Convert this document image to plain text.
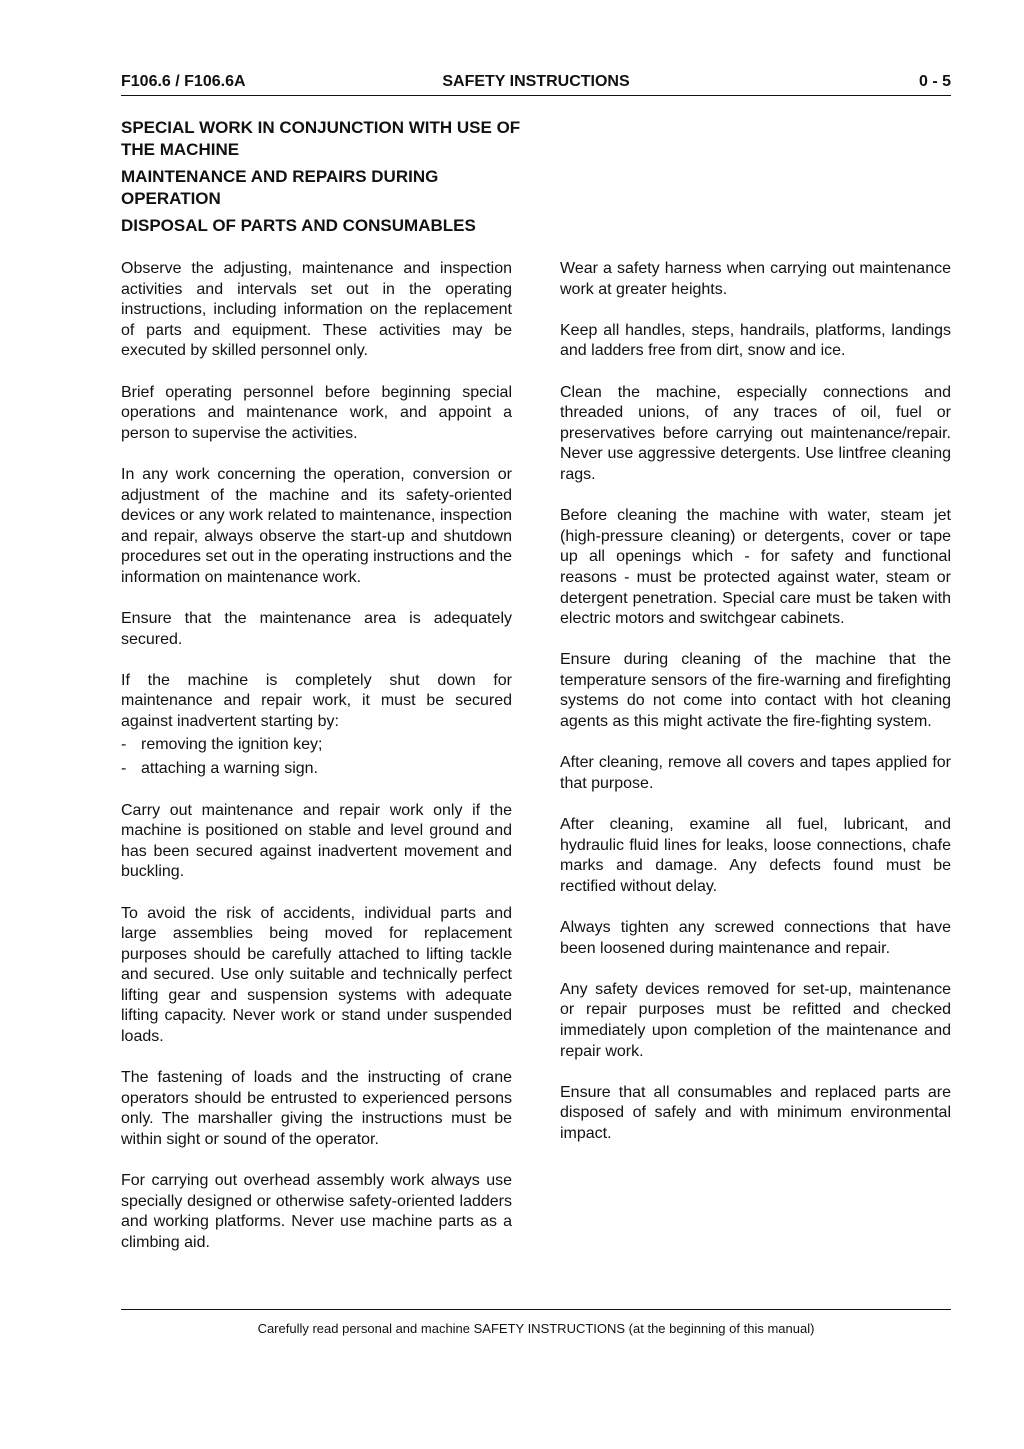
F106.6 / F106.6A	SAFETY INSTRUCTIONS	0 - 5
SPECIAL WORK IN CONJUNCTION WITH USE OF THE MACHINE
MAINTENANCE AND REPAIRS DURING OPERATION
DISPOSAL OF PARTS AND CONSUMABLES

Observe the adjusting, maintenance and inspection activities and intervals set out in the operating instructions, including information on the replacement of parts and equipment. These activities may be executed by skilled personnel only.

Brief operating personnel before beginning special operations and maintenance work, and appoint a person to supervise the activities.

In any work concerning the operation, conversion or adjustment of the machine and its safety-oriented devices or any work related to maintenance, inspection and repair, always observe the start-up and shutdown procedures set out in the operating instructions and the information on maintenance work.

Ensure that the maintenance area is adequately secured.

If the machine is completely shut down for maintenance and repair work, it must be secured against inadvertent starting by:

- removing the ignition key;
- attaching a warning sign.

Carry out maintenance and repair work only if the machine is positioned on stable and level ground and has been secured against inadvertent movement and buckling.

To avoid the risk of accidents, individual parts and large assemblies being moved for replacement purposes should be carefully attached to lifting tackle and secured. Use only suitable and technically perfect lifting gear and suspension systems with adequate lifting capacity. Never work or stand under suspended loads.

The fastening of loads and the instructing of crane operators should be entrusted to experienced persons only. The marshaller giving the instructions must be within sight or sound of the operator.

For carrying out overhead assembly work always use specially designed or otherwise safety-oriented ladders and working platforms. Never use machine parts as a climbing aid.

Wear a safety harness when carrying out maintenance work at greater heights.

Keep all handles, steps, handrails, platforms, landings and ladders free from dirt, snow and ice.

Clean the machine, especially connections and threaded unions, of any traces of oil, fuel or preservatives before carrying out maintenance/repair. Never use aggressive detergents. Use lintfree cleaning rags.

Before cleaning the machine with water, steam jet (high-pressure cleaning) or detergents, cover or tape up all openings which - for safety and functional reasons - must be protected against water, steam or detergent penetration. Special care must be taken with electric motors and switchgear cabinets.

Ensure during cleaning of the machine that the temperature sensors of the fire-warning and firefighting systems do not come into contact with hot cleaning agents as this might activate the fire-fighting system.

After cleaning, remove all covers and tapes applied for that purpose.

After cleaning, examine all fuel, lubricant, and hydraulic fluid lines for leaks, loose connections, chafe marks and damage. Any defects found must be rectified without delay.

Always tighten any screwed connections that have been loosened during maintenance and repair.

Any safety devices removed for set-up, maintenance or repair purposes must be refitted and checked immediately upon completion of the maintenance and repair work.

Ensure that all consumables and replaced parts are disposed of safely and with minimum environmental impact.

Carefully read personal and machine SAFETY INSTRUCTIONS (at the beginning of this manual)
